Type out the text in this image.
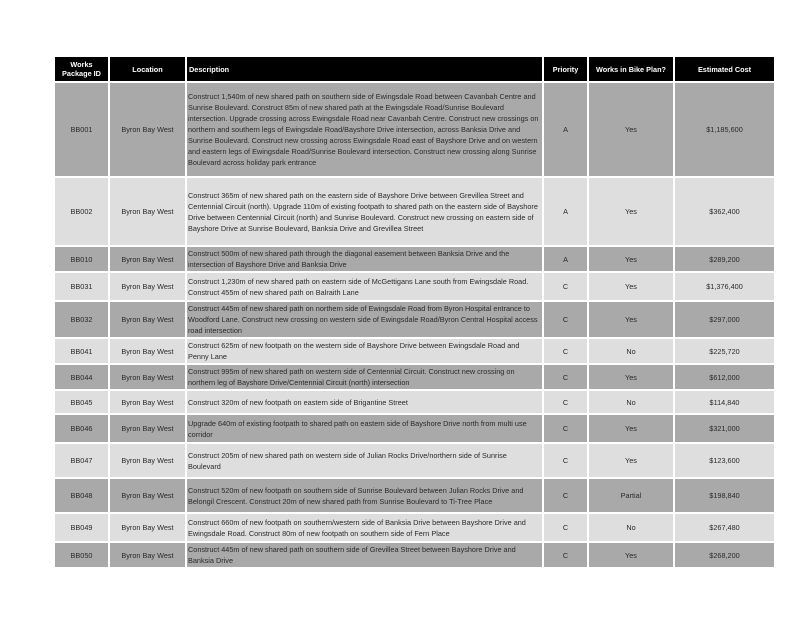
Works Package ID	Location	Description	Priority	Works in Bike Plan?	Estimated Cost
BB001	Byron Bay West	Construct 1,540m of new shared path on southern side of Ewingsdale Road between Cavanbah Centre and Sunrise Boulevard. Construct 85m of new shared path at the Ewingsdale Road/Sunrise Boulevard intersection. Upgrade crossing across Ewingsdale Road near Cavanbah Centre. Construct new crossings on northern and southern legs of Ewingsdale Road/Bayshore Drive intersection, across Banksia Drive and Sunrise Boulevard. Construct new crossing across Ewingsdale Road east of Bayshore Drive and on western and eastern legs of Ewingsdale Road/Sunrise Boulevard intersection. Construct new crossing along Sunrise Boulevard across holiday park entrance	A	Yes	$1,185,600
BB002	Byron Bay West	Construct 365m of new shared path on the eastern side of Bayshore Drive between Grevillea Street and Centennial Circuit (north). Upgrade 110m of existing footpath to shared path on the eastern side of Bayshore Drive between Centennial Circuit (north) and Sunrise Boulevard. Construct new crossing on eastern side of Bayshore Drive at Sunrise Boulevard, Banksia Drive and Grevillea Street	A	Yes	$362,400
BB010	Byron Bay West	Construct 500m of new shared path through the diagonal easement between Banksia Drive and the intersection of Bayshore Drive and Banksia Drive	A	Yes	$289,200
BB031	Byron Bay West	Construct 1,230m of new shared path on eastern side of McGettigans Lane south from Ewingsdale Road. Construct 455m of new shared path on Balraith Lane	C	Yes	$1,376,400
BB032	Byron Bay West	Construct 445m of new shared path on northern side of Ewingsdale Road from Byron Hospital entrance to Woodford Lane. Construct new crossing on western side of Ewingsdale Road/Byron Central Hospital access road intersection	C	Yes	$297,000
BB041	Byron Bay West	Construct 625m of new footpath on the western side of Bayshore Drive between Ewingsdale Road and Penny Lane	C	No	$225,720
BB044	Byron Bay West	Construct 995m of new shared path on western side of Centennial Circuit. Construct new crossing on northern leg of Bayshore Drive/Centennial Circuit (north) intersection	C	Yes	$612,000
BB045	Byron Bay West	Construct 320m of new footpath on eastern side of Brigantine Street	C	No	$114,840
BB046	Byron Bay West	Upgrade 640m of existing footpath to shared path on eastern side of Bayshore Drive north from multi use corridor	C	Yes	$321,000
BB047	Byron Bay West	Construct 205m of new shared path on western side of Julian Rocks Drive/northern side of Sunrise Boulevard	C	Yes	$123,600
BB048	Byron Bay West	Construct 520m of new footpath on southern side of Sunrise Boulevard between Julian Rocks Drive and Belongil Crescent. Construct 20m of new shared path from Sunrise Boulevard to Ti-Tree Place	C	Partial	$198,840
BB049	Byron Bay West	Construct 660m of new footpath on southern/western side of Banksia Drive between Bayshore Drive and Ewingsdale Road. Construct 80m of new footpath on southern side of Fern Place	C	No	$267,480
BB050	Byron Bay West	Construct 445m of new shared path on southern side of Grevillea Street between Bayshore Drive and Banksia Drive	C	Yes	$268,200
